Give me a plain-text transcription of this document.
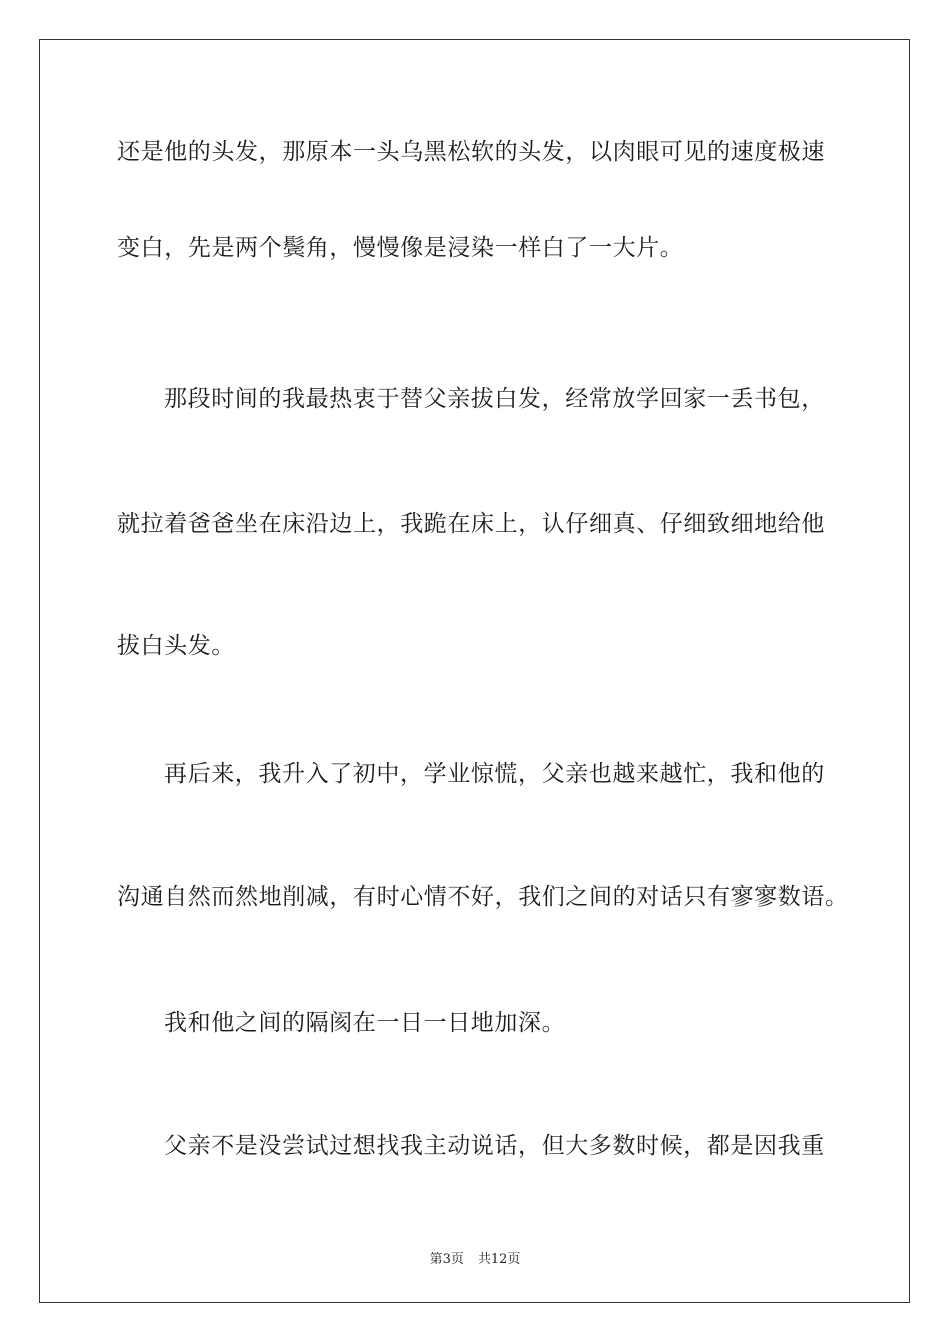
还是他的头发，那原本一头乌黑松软的头发，以肉眼可见的速度极速
变白，先是两个鬓角，慢慢像是浸染一样白了一大片。
那段时间的我最热衷于替父亲拔白发，经常放学回家一丢书包，
就拉着爸爸坐在床沿边上，我跪在床上，认仔细真、仔细致细地给他
拔白头发。
再后来，我升入了初中，学业惊慌，父亲也越来越忙，我和他的
沟通自然而然地削减，有时心情不好，我们之间的对话只有寥寥数语。
我和他之间的隔阂在一日一日地加深。
父亲不是没尝试过想找我主动说话，但大多数时候，都是因我重
第3页 共12页
